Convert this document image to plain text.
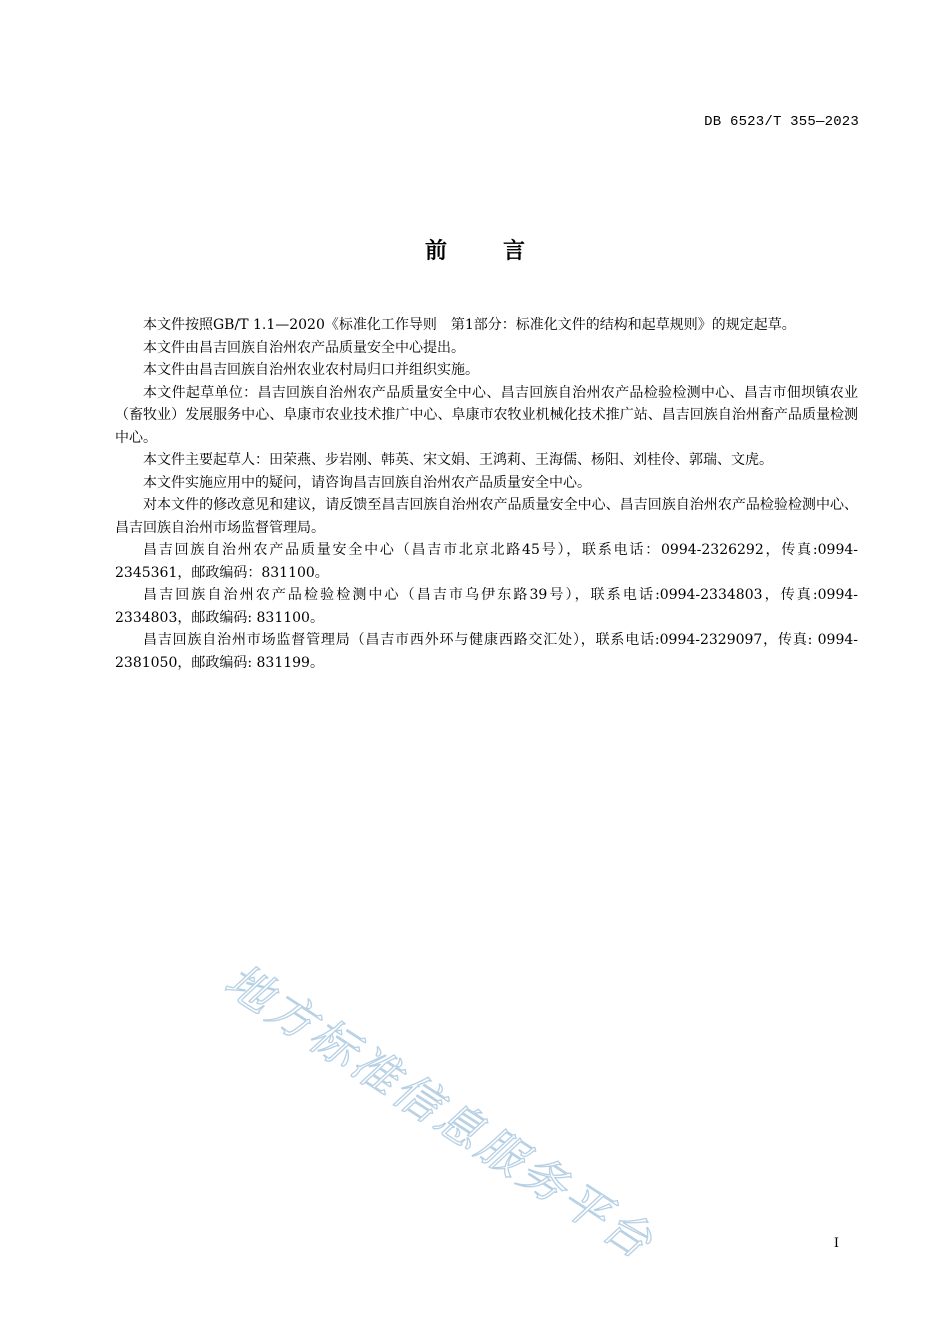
DB 6523/T 355—2023
前言

本文件按照GB/T 1.1—2020《标准化工作导则　第1部分：标准化文件的结构和起草规则》的规定起草。

本文件由昌吉回族自治州农产品质量安全中心提出。

本文件由昌吉回族自治州农业农村局归口并组织实施。

本文件起草单位：昌吉回族自治州农产品质量安全中心、昌吉回族自治州农产品检验检测中心、昌吉市佃坝镇农业（畜牧业）发展服务中心、阜康市农业技术推广中心、阜康市农牧业机械化技术推广站、昌吉回族自治州畜产品质量检测中心。

本文件主要起草人：田荣燕、步岩刚、韩英、宋文娟、王鸿莉、王海儒、杨阳、刘桂伶、郭瑞、文虎。

本文件实施应用中的疑问，请咨询昌吉回族自治州农产品质量安全中心。

对本文件的修改意见和建议，请反馈至昌吉回族自治州农产品质量安全中心、昌吉回族自治州农产品检验检测中心、昌吉回族自治州市场监督管理局。

昌吉回族自治州农产品质量安全中心（昌吉市北京北路45号），联系电话：0994-2326292，传真:0994-2345361，邮政编码：831100。

昌吉回族自治州农产品检验检测中心（昌吉市乌伊东路39号），联系电话:0994-2334803，传真:0994-2334803，邮政编码: 831100。

昌吉回族自治州市场监督管理局（昌吉市西外环与健康西路交汇处），联系电话:0994-2329097，传真: 0994-2381050，邮政编码: 831199。

地方标准信息服务平台	I
